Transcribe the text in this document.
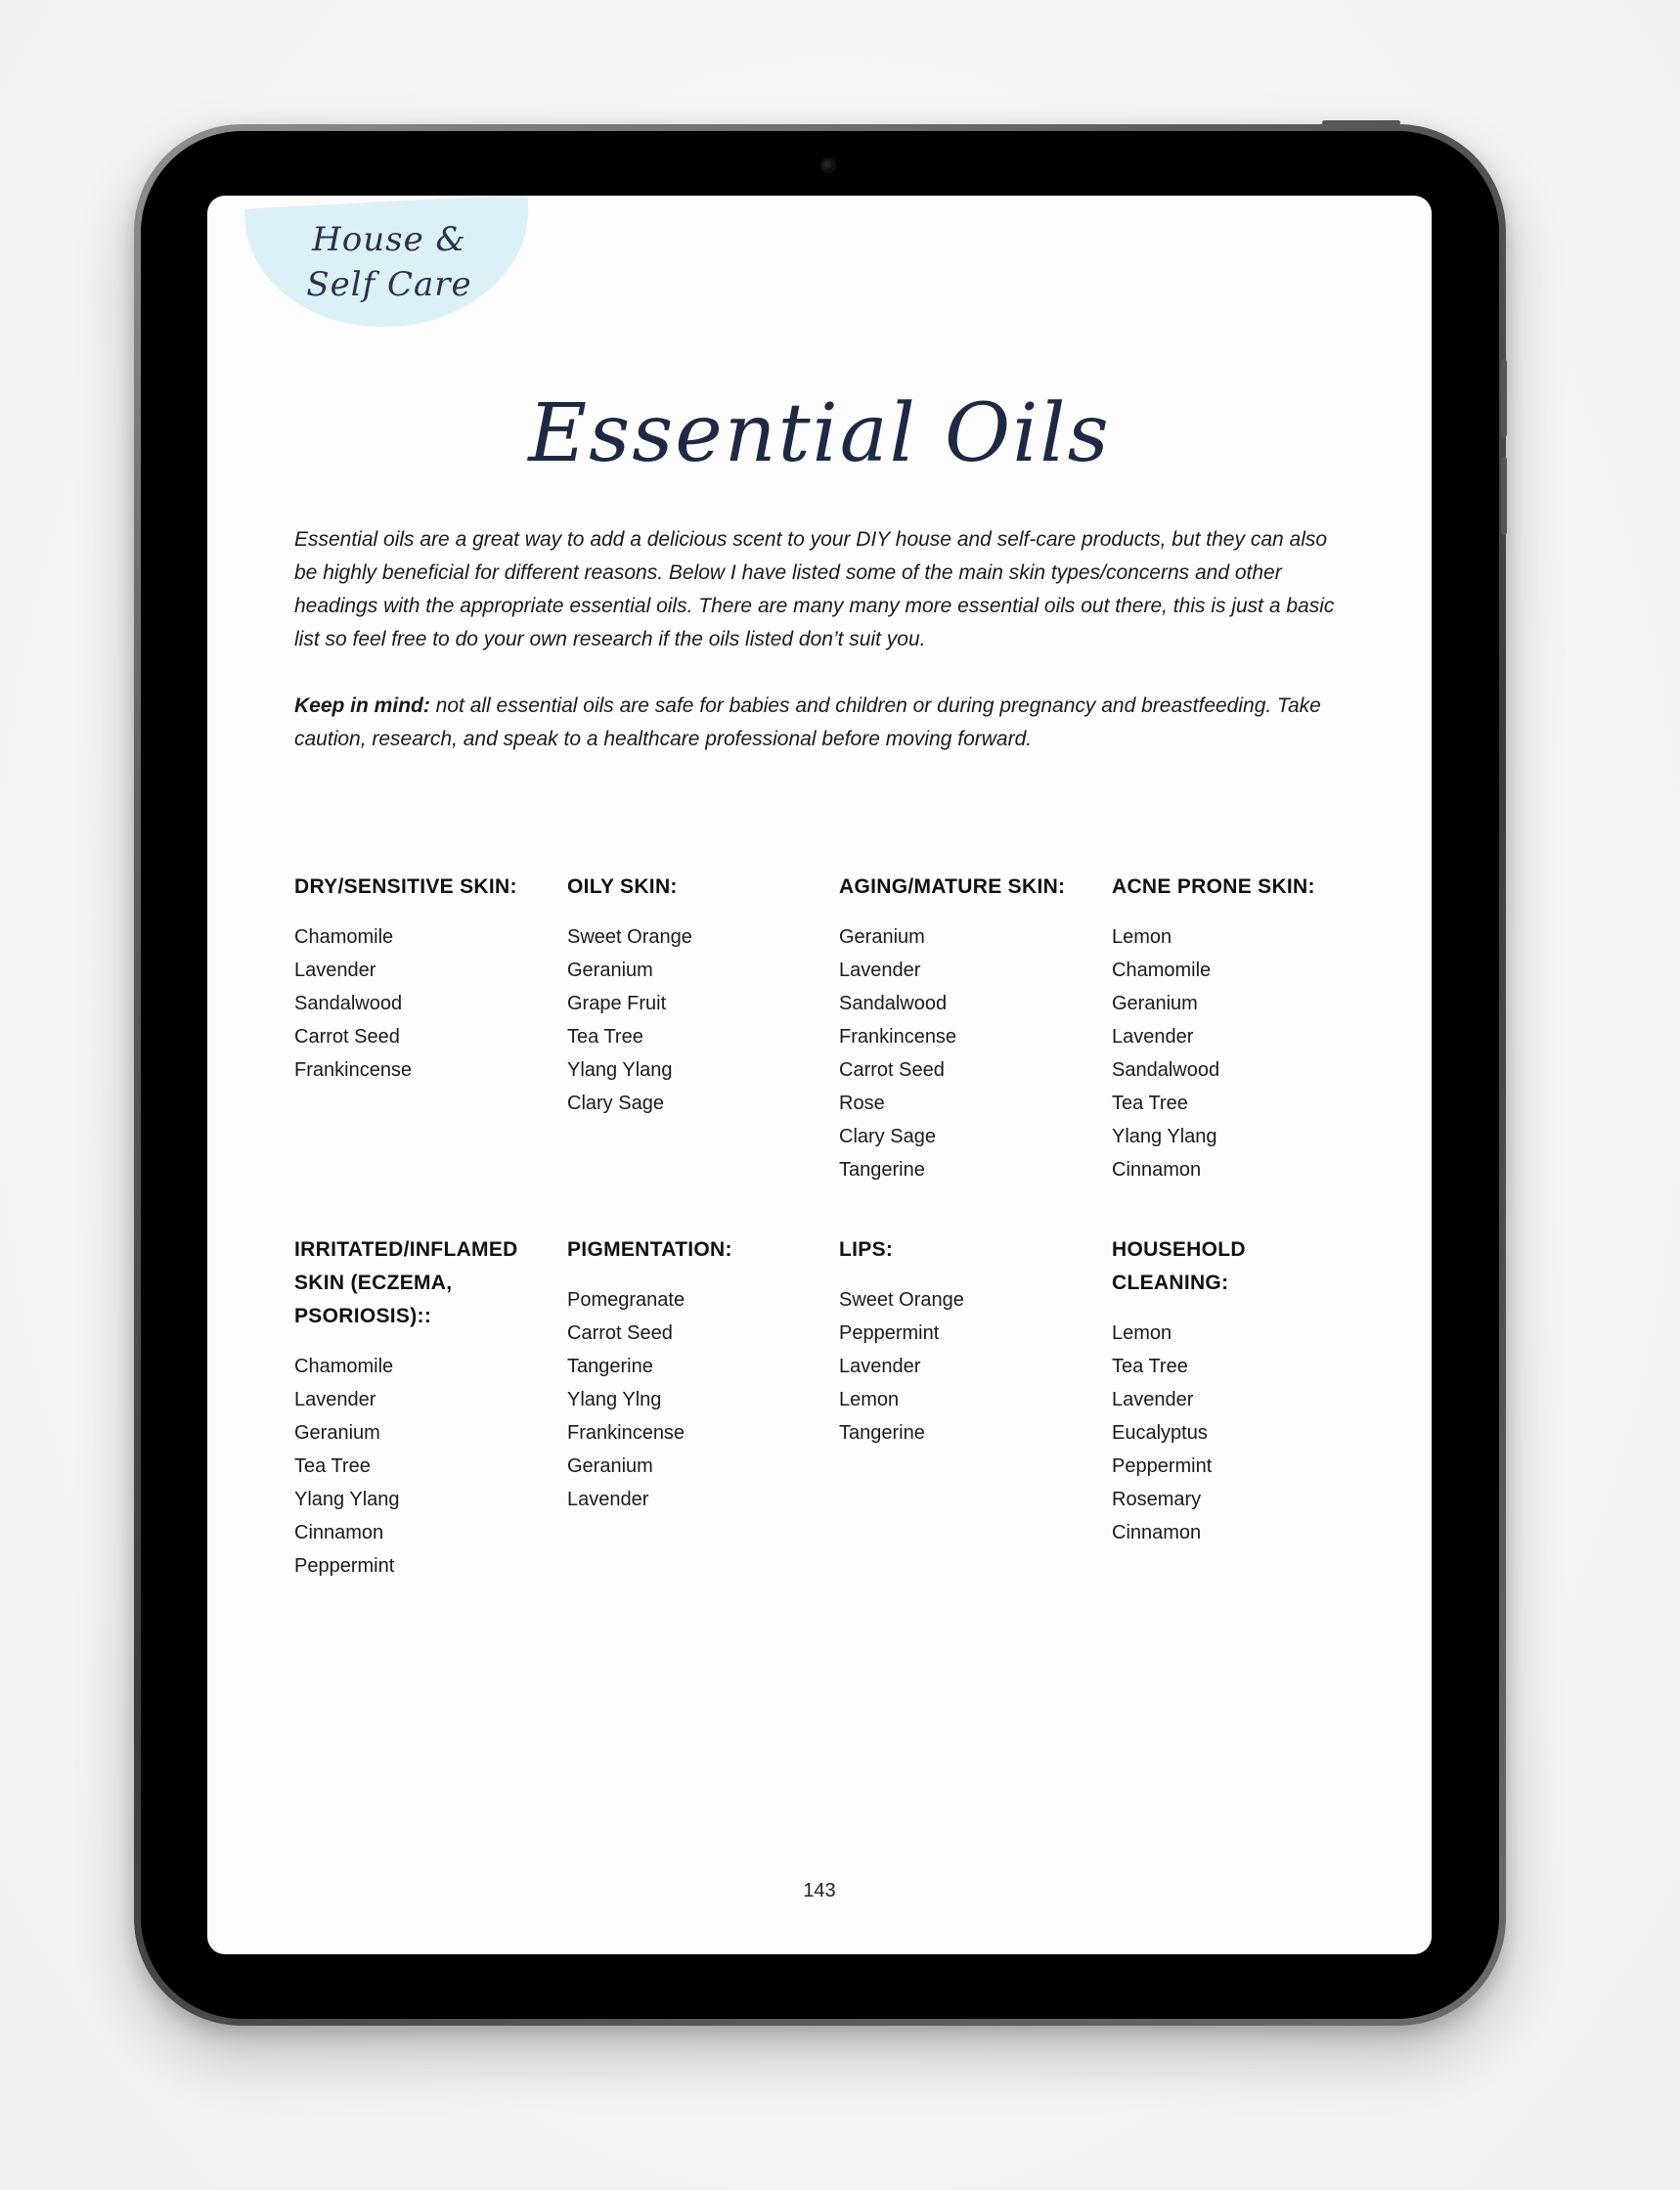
House &
Self Care
Essential Oils

Essential oils are a great way to add a delicious scent to your DIY house and self-care products, but they can also be highly beneficial for different reasons. Below I have listed some of the main skin types/concerns and other headings with the appropriate essential oils. There are many many more essential oils out there, this is just a basic list so feel free to do your own research if the oils listed don’t suit you.

Keep in mind: not all essential oils are safe for babies and children or during pregnancy and breastfeeding. Take caution, research, and speak to a healthcare professional before moving forward.

DRY/SENSITIVE SKIN:
Chamomile
Lavender
Sandalwood
Carrot Seed
Frankincense
OILY SKIN:
Sweet Orange
Geranium
Grape Fruit
Tea Tree
Ylang Ylang
Clary Sage
AGING/MATURE SKIN:
Geranium
Lavender
Sandalwood
Frankincense
Carrot Seed
Rose
Clary Sage
Tangerine
ACNE PRONE SKIN:
Lemon
Chamomile
Geranium
Lavender
Sandalwood
Tea Tree
Ylang Ylang
Cinnamon
IRRITATED/INFLAMED SKIN (ECZEMA, PSORIOSIS)::
Chamomile
Lavender
Geranium
Tea Tree
Ylang Ylang
Cinnamon
Peppermint
PIGMENTATION:
Pomegranate
Carrot Seed
Tangerine
Ylang Ylng
Frankincense
Geranium
Lavender
LIPS:
Sweet Orange
Peppermint
Lavender
Lemon
Tangerine
HOUSEHOLD CLEANING:
Lemon
Tea Tree
Lavender
Eucalyptus
Peppermint
Rosemary
Cinnamon
143
